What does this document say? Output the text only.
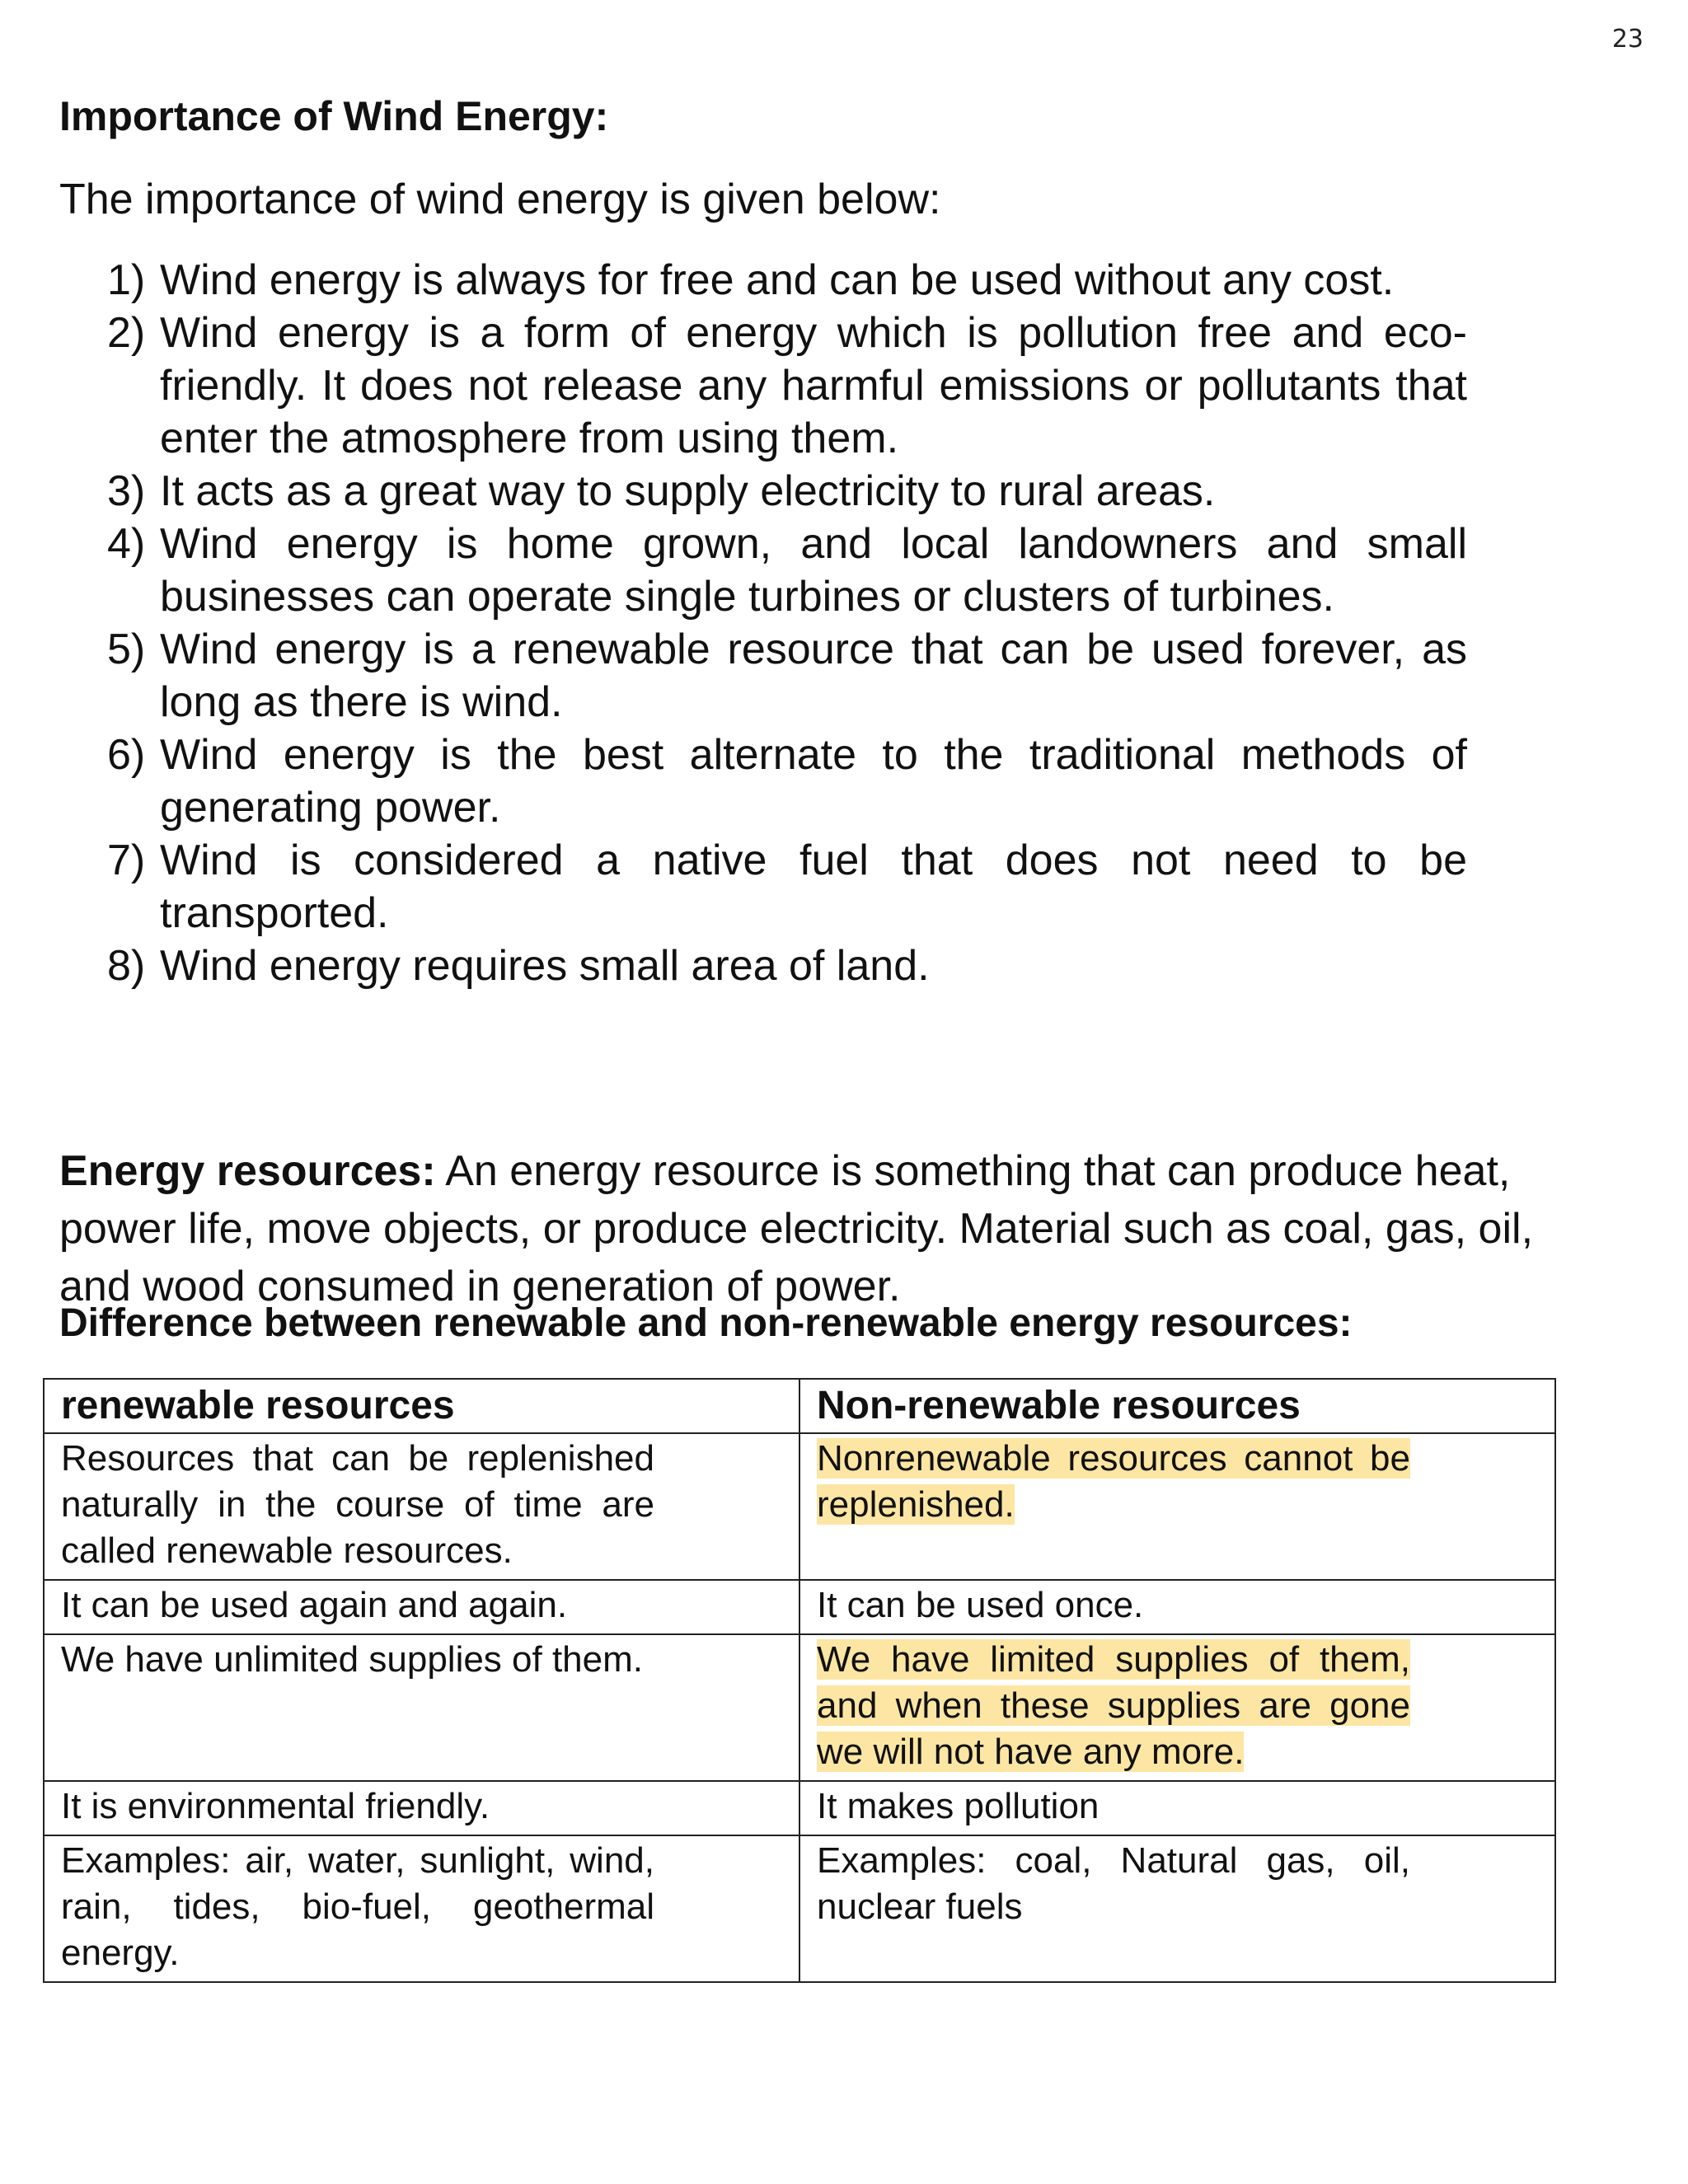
23
Importance of Wind Energy:
The importance of wind energy is given below:
1) Wind energy is always for free and can be used without any cost.
2) Wind energy is a form of energy which is pollution free and eco-friendly. It does not release any harmful emissions or pollutants that enter the atmosphere from using them.
3) It acts as a great way to supply electricity to rural areas.
4) Wind energy is home grown, and local landowners and small businesses can operate single turbines or clusters of turbines.
5) Wind energy is a renewable resource that can be used forever, as long as there is wind.
6) Wind energy is the best alternate to the traditional methods of generating power.
7) Wind is considered a native fuel that does not need to be transported.
8) Wind energy requires small area of land.

Energy resources: An energy resource is something that can produce heat, power life, move objects, or produce electricity. Material such as coal, gas, oil, and wood consumed in generation of power.

Difference between renewable and non-renewable energy resources:
renewable resources	Non-renewable resources

Resources that can be replenished naturally in the course of time are called renewable resources.	Nonrenewable resources cannot be replenished.

It can be used again and again.	It can be used once.

We have unlimited supplies of them.	We have limited supplies of them, and when these supplies are gone we will not have any more.

It is environmental friendly.	It makes pollution

Examples: air, water, sunlight, wind, rain, tides, bio-fuel, geothermal energy.	Examples: coal, Natural gas, oil, nuclear fuels
